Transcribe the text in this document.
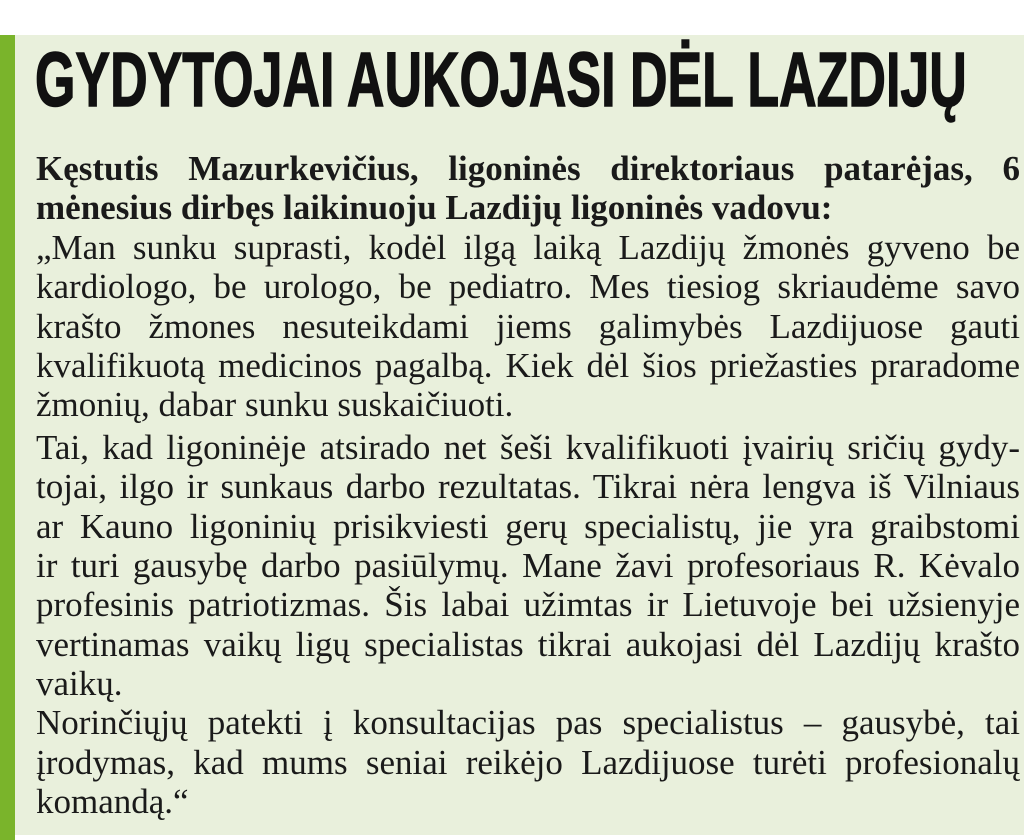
GYDYTOJAI AUKOJASI DĖL LAZDIJŲ
Kęstutis Mazurkevičius, ligoninės direktoriaus patarėjas, 6
mėnesius dirbęs laikinuoju Lazdijų ligoninės vadovu:
„Man sunku suprasti, kodėl ilgą laiką Lazdijų žmonės gyveno be
kardiologo, be urologo, be pediatro. Mes tiesiog skriaudėme savo
krašto žmones nesuteikdami jiems galimybės Lazdijuose gauti
kvalifikuotą medicinos pagalbą. Kiek dėl šios priežasties praradome
žmonių, dabar sunku suskaičiuoti.
Tai, kad ligoninėje atsirado net šeši kvalifikuoti įvairių sričių gydy-
tojai, ilgo ir sunkaus darbo rezultatas. Tikrai nėra lengva iš Vilniaus
ar Kauno ligoninių prisikviesti gerų specialistų, jie yra graibstomi
ir turi gausybę darbo pasiūlymų. Mane žavi profesoriaus R. Kėvalo
profesinis patriotizmas. Šis labai užimtas ir Lietuvoje bei užsienyje
vertinamas vaikų ligų specialistas tikrai aukojasi dėl Lazdijų krašto
vaikų.
Norinčiųjų patekti į konsultacijas pas specialistus – gausybė, tai
įrodymas, kad mums seniai reikėjo Lazdijuose turėti profesionalų
komandą.“
